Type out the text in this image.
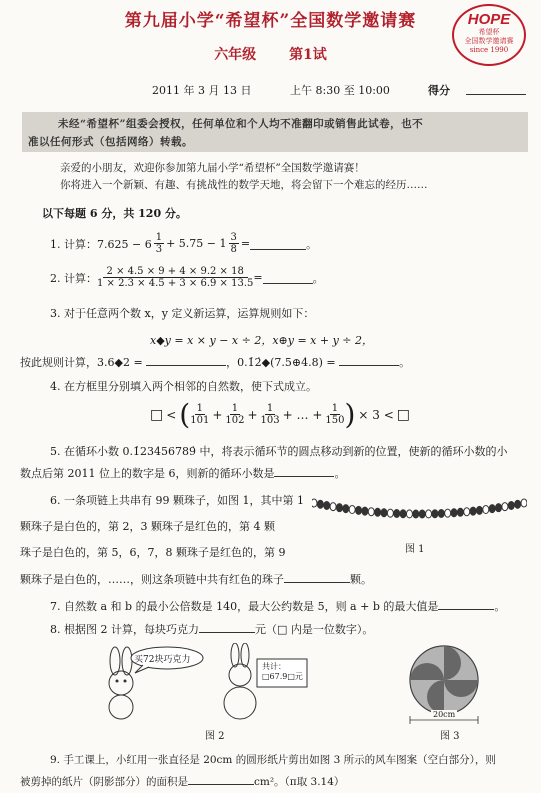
第九届小学“希望杯”全国数学邀请赛
六年级 第1试
HOPE
希望杯
全国数学邀请赛
since 1990
2011 年 3 月 13 日	上午 8:30 至 10:00	得分

未经“希望杯”组委会授权，任何单位和个人均不准翻印或销售此试卷，也不

准以任何形式（包括网络）转载。

亲爱的小朋友，欢迎你参加第九届小学“希望杯”全国数学邀请赛！
你将进入一个新颖、有趣、有挑战性的数学天地，将会留下一个难忘的经历……
以下每题 6 分，共 120 分。
1. 计算：$7.625 - 6 \frac{1}{3} + 5.75 - 1 \frac{3}{8}$ =	。
2. 计算： $\frac{2 \times 4.5 \times 9 + 4 \times 9.2 \times 18}{1 \times 2.3 \times 4.5 + 3 \times 6.9 \times 13.5}$ =	。
3. 对于任意两个数 x，y 定义新运算，运算规则如下：
x◆y = x × y − x ÷ 2，x⊕y = x + y ÷ 2，
按此规则计算，3.6◆2 =	，0.1̇2̇◆(7.5⊕4.8) =	。
4. 在方框里分别填入两个相邻的自然数，使下式成立。
□ < ( $\frac{1}{101} + \frac{1}{102} + \frac{1}{103}$ + … + $\frac{1}{150}$ ) × 3 < □
5. 在循环小数 0.1̇23456789̇ 中，将表示循环节的圆点移动到新的位置，使新的循环小数的小
数点后第 2011 位上的数字是 6，则新的循环小数是	。
6. 一条项链上共串有 99 颗珠子，如图 1，其中第 1
颗珠子是白色的，第 2，3 颗珠子是红色的，第 4 颗
珠子是白色的，第 5，6，7，8 颗珠子是红色的，第 9
颗珠子是白色的，……，则这条项链中共有红色的珠子	颗。
图 1
7. 自然数 a 和 b 的最小公倍数是 140，最大公约数是 5，则 a + b 的最大值是	。
8. 根据图 2 计算，每块巧克力	元（□ 内是一位数字）。
买72块巧克力
共计：
□67.9□元
图 2
20cm
图 3
9. 手工课上，小红用一张直径是 20cm 的圆形纸片剪出如图 3 所示的风车图案（空白部分），则
被剪掉的纸片（阴影部分）的面积是	cm²。（π取 3.14）
